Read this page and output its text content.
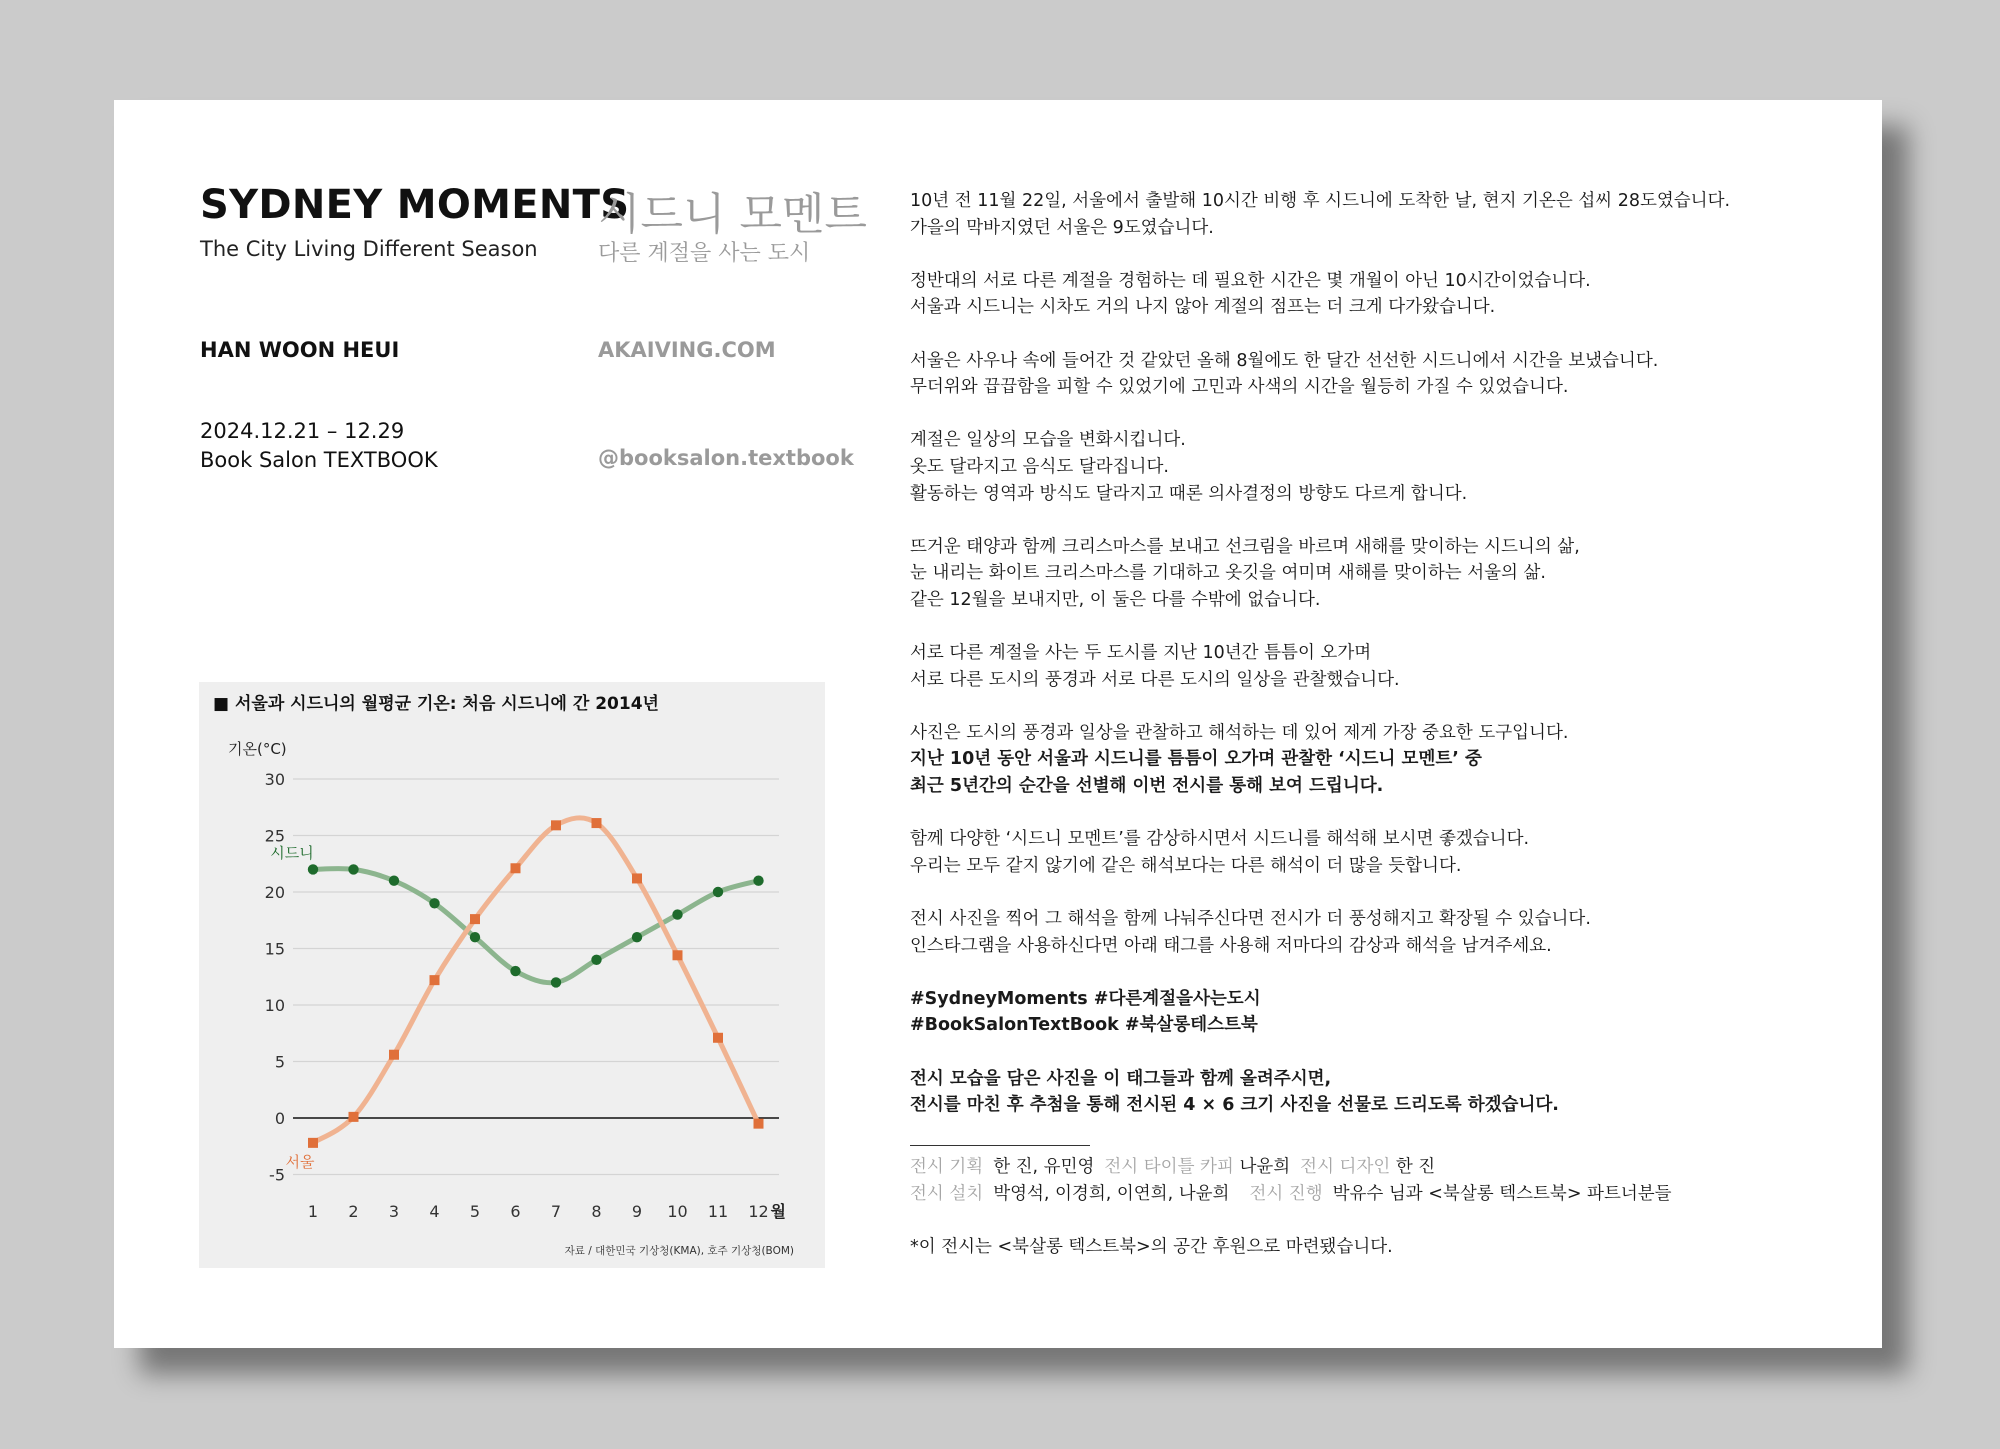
SYDNEY MOMENTS
시드니 모멘트
The City Living Different Season	다른 계절을 사는 도시
HAN WOON HEUI	AKAIVING.COM
2024.12.21 – 12.29
Book Salon TEXTBOOK	@booksalon.textbook
■ 서울과 시드니의 월평균 기온: 처음 시드니에 간 2014년
기온(°C)
자료 / 대한민국 기상청(KMA), 호주 기상청(BOM)
30
25
20
15
10
5
0
-5
1 2 3 4 5 6 7 8 9 10 11 12 월
시드니
서울
10년 전 11월 22일, 서울에서 출발해 10시간 비행 후 시드니에 도착한 날, 현지 기온은 섭씨 28도였습니다.
가을의 막바지였던 서울은 9도였습니다.
정반대의 서로 다른 계절을 경험하는 데 필요한 시간은 몇 개월이 아닌 10시간이었습니다.
서울과 시드니는 시차도 거의 나지 않아 계절의 점프는 더 크게 다가왔습니다.
서울은 사우나 속에 들어간 것 같았던 올해 8월에도 한 달간 선선한 시드니에서 시간을 보냈습니다.
무더위와 끕끕함을 피할 수 있었기에 고민과 사색의 시간을 월등히 가질 수 있었습니다.
계절은 일상의 모습을 변화시킵니다.
옷도 달라지고 음식도 달라집니다.
활동하는 영역과 방식도 달라지고 때론 의사결정의 방향도 다르게 합니다.
뜨거운 태양과 함께 크리스마스를 보내고 선크림을 바르며 새해를 맞이하는 시드니의 삶,
눈 내리는 화이트 크리스마스를 기대하고 옷깃을 여미며 새해를 맞이하는 서울의 삶.
같은 12월을 보내지만, 이 둘은 다를 수밖에 없습니다.
서로 다른 계절을 사는 두 도시를 지난 10년간 틈틈이 오가며
서로 다른 도시의 풍경과 서로 다른 도시의 일상을 관찰했습니다.
사진은 도시의 풍경과 일상을 관찰하고 해석하는 데 있어 제게 가장 중요한 도구입니다.
지난 10년 동안 서울과 시드니를 틈틈이 오가며 관찰한 ‘시드니 모멘트’ 중
최근 5년간의 순간을 선별해 이번 전시를 통해 보여 드립니다.
함께 다양한 ‘시드니 모멘트’를 감상하시면서 시드니를 해석해 보시면 좋겠습니다.
우리는 모두 같지 않기에 같은 해석보다는 다른 해석이 더 많을 듯합니다.
전시 사진을 찍어 그 해석을 함께 나눠주신다면 전시가 더 풍성해지고 확장될 수 있습니다.
인스타그램을 사용하신다면 아래 태그를 사용해 저마다의 감상과 해석을 남겨주세요.
#SydneyMoments #다른계절을사는도시
#BookSalonTextBook #북살롱테스트북
전시 모습을 담은 사진을 이 태그들과 함께 올려주시면,
전시를 마친 후 추첨을 통해 전시된 4 × 6 크기 사진을 선물로 드리도록 하겠습니다.
전시 기획 한 진, 유민영 전시 타이틀 카피 나윤희 전시 디자인 한 진
전시 설치 박영석, 이경희, 이연희, 나윤희 전시 진행 박유수 님과 <북살롱 텍스트북> 파트너분들
*이 전시는 <북살롱 텍스트북>의 공간 후원으로 마련됐습니다.
